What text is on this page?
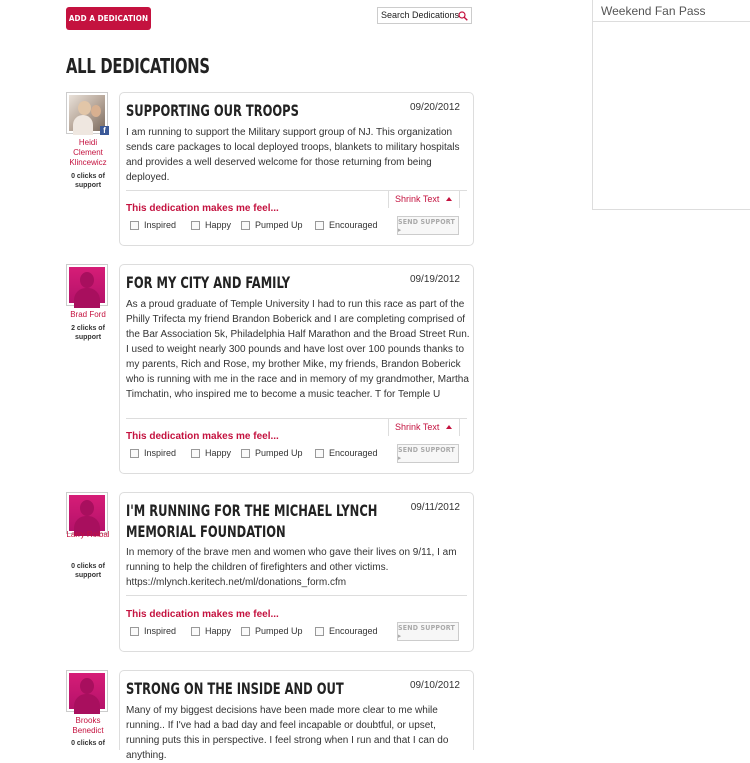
ADD A DEDICATION	Search Dedications
ALL DEDICATIONS
Weekend Fan Pass
f
Heidi Clement Klincewicz
0 clicks of support
SUPPORTING OUR TROOPS	09/20/2012
I am running to support the Military support group of NJ. This organization sends care packages to local deployed troops, blankets to military hospitals and provides a well deserved welcome for those returning from being deployed.
Shrink Text
This dedication makes me feel...
Inspired	Happy	Pumped Up	Encouraged	SEND SUPPORT ▸
Brad Ford
2 clicks of support
FOR MY CITY AND FAMILY	09/19/2012
As a proud graduate of Temple University I had to run this race as part of the Philly Trifecta my friend Brandon Boberick and I are completing comprised of the Bar Association 5k, Philadelphia Half Marathon and the Broad Street Run. I used to weight nearly 300 pounds and have lost over 100 pounds thanks to my parents, Rich and Rose, my brother Mike, my friends, Brandon Boberick who is running with me in the race and in memory of my grandmother, Martha Timchatin, who inspired me to become a music teacher. T for Temple U
Shrink Text
This dedication makes me feel...
Inspired	Happy	Pumped Up	Encouraged	SEND SUPPORT ▸
Larry Roibal
0 clicks of support
I'M RUNNING FOR THE MICHAEL LYNCH MEMORIAL FOUNDATION
09/11/2012
In memory of the brave men and women who gave their lives on 9/11, I am running to help the children of firefighters and other victims. https://mlynch.keritech.net/ml/donations_form.cfm
This dedication makes me feel...
Inspired	Happy	Pumped Up	Encouraged	SEND SUPPORT ▸
Brooks Benedict
0 clicks of
STRONG ON THE INSIDE AND OUT	09/10/2012
Many of my biggest decisions have been made more clear to me while running.. If I've had a bad day and feel incapable or doubtful, or upset, running puts this in perspective. I feel strong when I run and that I can do anything.
